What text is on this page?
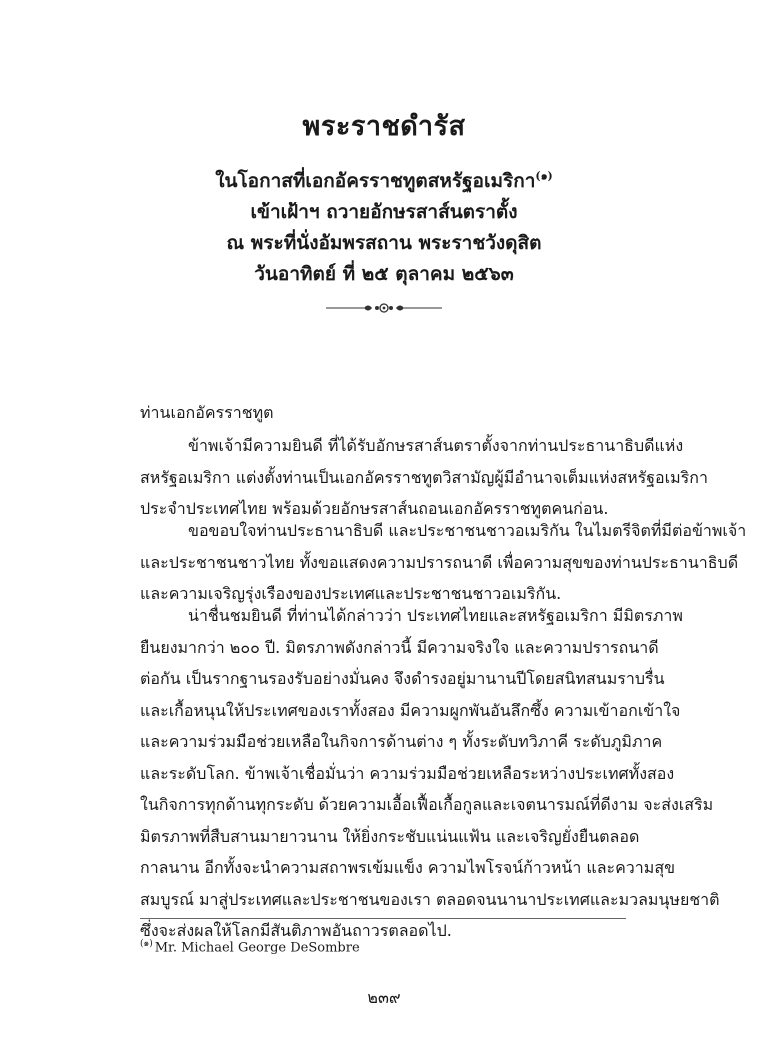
พระราชดำรัส
ในโอกาสที่เอกอัครราชทูตสหรัฐอเมริกา$^{(๑)}$
เข้าเฝ้าฯ ถวายอักษรสาส์นตราตั้ง
ณ พระที่นั่งอัมพรสถาน พระราชวังดุสิต
วันอาทิตย์ ที่ ๒๕ ตุลาคม ๒๕๖๓
ท่านเอกอัครราชทูต
ข้าพเจ้ามีความยินดี ที่ได้รับอักษรสาส์นตราตั้งจากท่านประธานาธิบดีแห่ง
สหรัฐอเมริกา แต่งตั้งท่านเป็นเอกอัครราชทูตวิสามัญผู้มีอำนาจเต็มแห่งสหรัฐอเมริกา
ประจำประเทศไทย พร้อมด้วยอักษรสาส์นถอนเอกอัครราชทูตคนก่อน.
ขอขอบใจท่านประธานาธิบดี และประชาชนชาวอเมริกัน ในไมตรีจิตที่มีต่อข้าพเจ้า
และประชาชนชาวไทย ทั้งขอแสดงความปรารถนาดี เพื่อความสุขของท่านประธานาธิบดี
และความเจริญรุ่งเรืองของประเทศและประชาชนชาวอเมริกัน.
น่าชื่นชมยินดี ที่ท่านได้กล่าวว่า ประเทศไทยและสหรัฐอเมริกา มีมิตรภาพ
ยืนยงมากว่า ๒๐๐ ปี. มิตรภาพดังกล่าวนี้ มีความจริงใจ และความปรารถนาดี
ต่อกัน เป็นรากฐานรองรับอย่างมั่นคง จึงดำรงอยู่มานานปีโดยสนิทสนมราบรื่น
และเกื้อหนุนให้ประเทศของเราทั้งสอง มีความผูกพันอันลึกซึ้ง ความเข้าอกเข้าใจ
และความร่วมมือช่วยเหลือในกิจการด้านต่าง ๆ ทั้งระดับทวิภาคี ระดับภูมิภาค
และระดับโลก. ข้าพเจ้าเชื่อมั่นว่า ความร่วมมือช่วยเหลือระหว่างประเทศทั้งสอง
ในกิจการทุกด้านทุกระดับ ด้วยความเอื้อเฟื้อเกื้อกูลและเจตนารมณ์ที่ดีงาม จะส่งเสริม
มิตรภาพที่สืบสานมายาวนาน ให้ยิ่งกระชับแน่นแฟ้น และเจริญยั่งยืนตลอด
กาลนาน อีกทั้งจะนำความสถาพรเข้มแข็ง ความไพโรจน์ก้าวหน้า และความสุข
สมบูรณ์ มาสู่ประเทศและประชาชนของเรา ตลอดจนนานาประเทศและมวลมนุษยชาติ
ซึ่งจะส่งผลให้โลกมีสันติภาพอันถาวรตลอดไป.
$^{(๑)}$ Mr. Michael George DeSombre
๒๓๙
